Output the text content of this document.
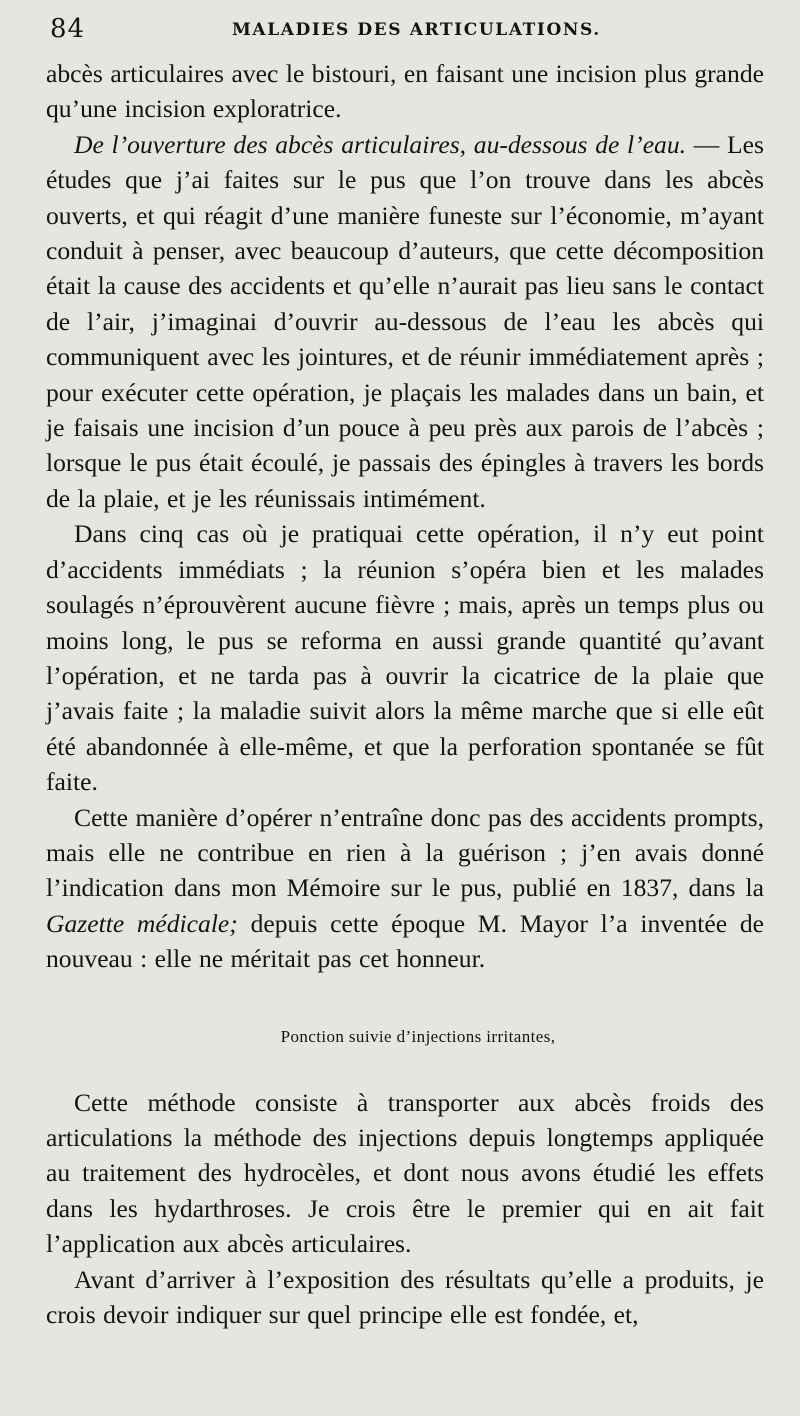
84	MALADIES DES ARTICULATIONS.

abcès articulaires avec le bistouri, en faisant une incision plus grande qu’une incision exploratrice.

De l’ouverture des abcès articulaires, au-dessous de l’eau. — Les études que j’ai faites sur le pus que l’on trouve dans les abcès ouverts, et qui réagit d’une manière funeste sur l’économie, m’ayant conduit à penser, avec beaucoup d’auteurs, que cette décomposition était la cause des accidents et qu’elle n’aurait pas lieu sans le contact de l’air, j’imaginai d’ouvrir au-dessous de l’eau les abcès qui communiquent avec les jointures, et de réunir immédiatement après ; pour exécuter cette opération, je plaçais les malades dans un bain, et je faisais une incision d’un pouce à peu près aux parois de l’abcès ; lorsque le pus était écoulé, je passais des épingles à travers les bords de la plaie, et je les réunissais intimément.

Dans cinq cas où je pratiquai cette opération, il n’y eut point d’accidents immédiats ; la réunion s’opéra bien et les malades soulagés n’éprouvèrent aucune fièvre ; mais, après un temps plus ou moins long, le pus se reforma en aussi grande quantité qu’avant l’opération, et ne tarda pas à ouvrir la cicatrice de la plaie que j’avais faite ; la maladie suivit alors la même marche que si elle eût été abandonnée à elle-même, et que la perforation spontanée se fût faite.

Cette manière d’opérer n’entraîne donc pas des accidents prompts, mais elle ne contribue en rien à la guérison ; j’en avais donné l’indication dans mon Mémoire sur le pus, publié en 1837, dans la Gazette médicale; depuis cette époque M. Mayor l’a inventée de nouveau : elle ne méritait pas cet honneur.

Ponction suivie d’injections irritantes,

Cette méthode consiste à transporter aux abcès froids des articulations la méthode des injections depuis longtemps appliquée au traitement des hydrocèles, et dont nous avons étudié les effets dans les hydarthroses. Je crois être le premier qui en ait fait l’application aux abcès articulaires.

Avant d’arriver à l’exposition des résultats qu’elle a produits, je crois devoir indiquer sur quel principe elle est fondée, et,
